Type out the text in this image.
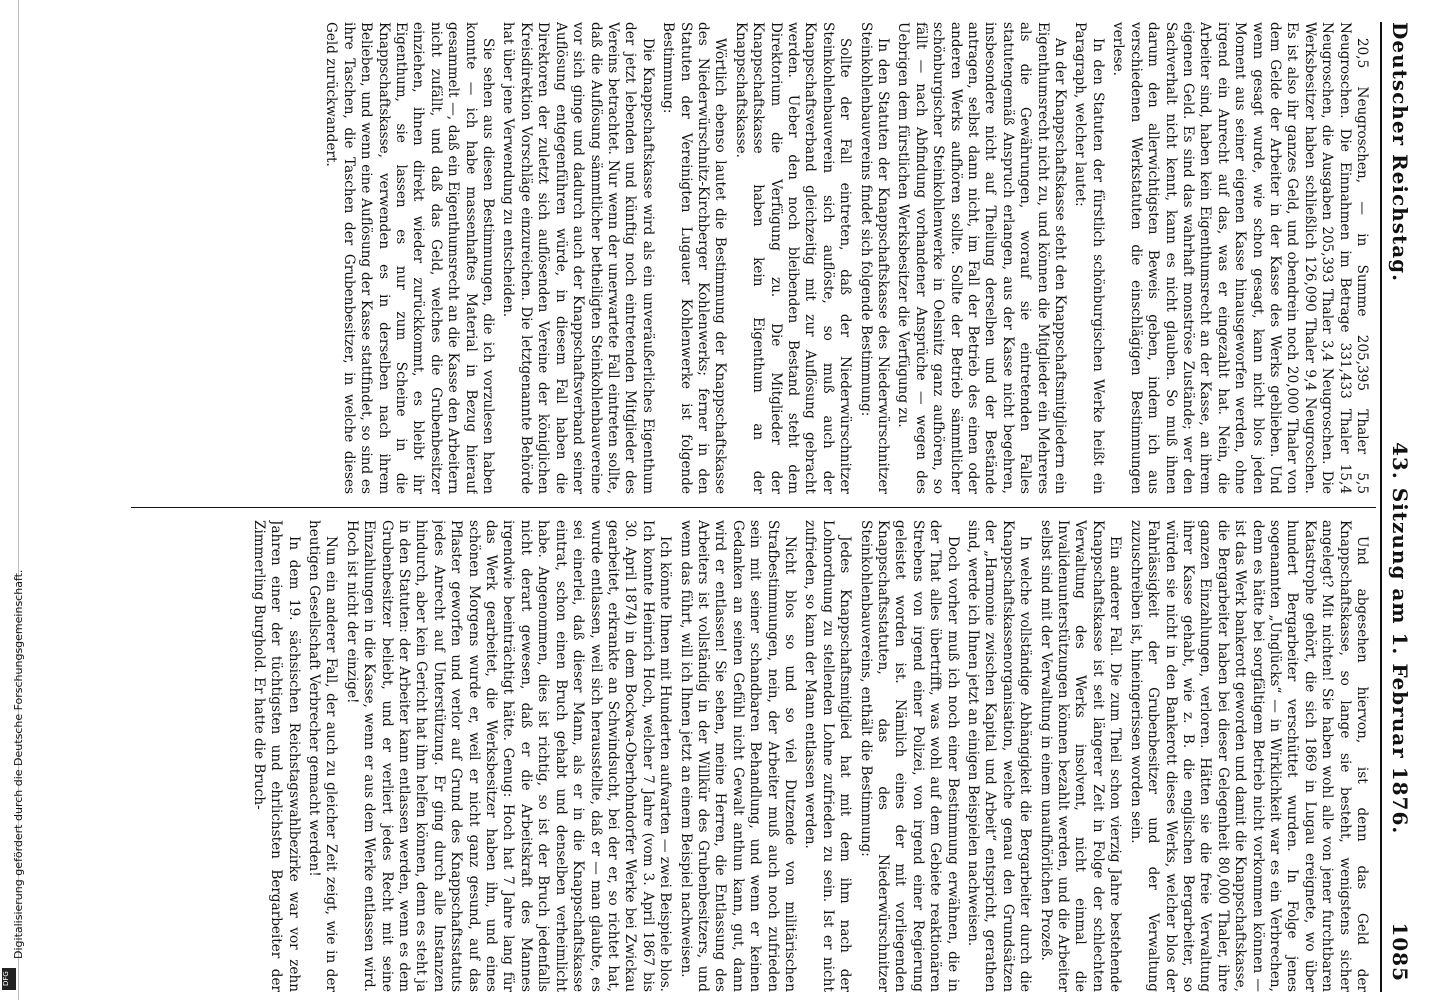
Deutscher Reichstag.
43. Sitzung am 1. Februar 1876.
1085

20,5 Neugroschen, — in Summe 205,395 Thaler 5,5 Neugroschen. Die Einnahmen im Betrage 331,433 Thaler 15,4 Neugroschen, die Ausgaben 205,393 Thaler 3,4 Neugroschen. Die Werksbesitzer haben schließlich 126,090 Thaler 9,4 Neugroschen. Es ist also ihr ganzes Geld, und obendrein noch 20,000 Thaler von dem Gelde der Arbeiter in der Kasse des Werks geblieben. Und wenn gesagt wurde, wie schon gesagt, kann nicht blos jeden Moment aus seiner eigenen Kasse hinausgeworfen werden, ohne irgend ein Anrecht auf das, was er eingezahlt hat. Nein, die Arbeiter sind, haben kein Eigenthumsrecht an der Kasse, an ihrem eigenen Geld. Es sind das wahrhaft monströse Zustände; wer den Sachverhalt nicht kennt, kann es nicht glauben. So muß ihnen darum den allerwichtigsten Beweis geben, indem ich aus verschiedenen Werkstatuten die einschlägigen Bestimmungen verlese.

In den Statuten der fürstlich schönburgischen Werke heißt ein Paragraph, welcher lautet:

An der Knappschaftskasse steht den Knappschaftsmitgliedern ein Eigenthumsrecht nicht zu, und können die Mitglieder ein Mehreres als die Gewährungen, worauf sie eintretenden Falles statutengemäß Anspruch erlangen, aus der Kasse nicht begehren, insbesondere nicht auf Theilung derselben und der Bestände antragen, selbst dann nicht, im Fall der Betrieb des einen oder anderen Werks aufhören sollte. Sollte der Betrieb sämmtlicher schönburgischer Steinkohlenwerke in Oelsnitz ganz aufhören, so fällt — nach Abfindung vorhandener Ansprüche — wegen des Uebrigen dem fürstlichen Werksbesitzer die Verfügung zu.

In den Statuten der Knappschaftskasse des Niederwürschnitzer Steinkohlenbauvereins findet sich folgende Bestimmung:

Sollte der Fall eintreten, daß der Niederwürschnitzer Steinkohlenbauverein sich auflöste, so muß auch der Knappschaftsverband gleichzeitig mit zur Auflösung gebracht werden. Ueber den noch bleibenden Bestand steht dem Direktorium die Verfügung zu. Die Mitglieder der Knappschaftskasse haben kein Eigenthum an der Knappschaftskasse.

Wörtlich ebenso lautet die Bestimmung der Knappschaftskasse des Niederwürschnitz-Kirchberger Kohlenwerks; ferner in den Statuten der Vereinigten Lugauer Kohlenwerke ist folgende Bestimmung:

Die Knappschaftskasse wird als ein unveräußerliches Eigenthum der jetzt lebenden und künftig noch eintretenden Mitglieder des Vereins betrachtet. Nur wenn der unerwartete Fall eintreten sollte, daß die Auflösung sämmtlicher betheiligten Steinkohlenbauvereine vor sich ginge und dadurch auch der Knappschaftsverband seiner Auflösung entgegenführen würde, in diesem Fall haben die Direktoren der zuletzt sich auflösenden Vereine der königlichen Kreisdirektion Vorschläge einzureichen. Die letztgenannte Behörde hat über jene Verwendung zu entscheiden.

Sie sehen aus diesen Bestimmungen, die ich vorzulesen haben konnte — ich habe massenhaftes Material in Bezug hierauf gesammelt —, daß ein Eigenthumsrecht an die Kasse den Arbeitern nicht zufällt, und daß das Geld, welches die Grubenbesitzer einziehen, ihnen direkt wieder zurückkommt, es bleibt ihr Eigenthum, sie lassen es nur zum Scheine in die Knappschaftskasse, verwenden es in derselben nach ihrem Belieben, und wenn eine Auflösung der Kasse stattfindet, so sind es ihre Taschen, die Taschen der Grubenbesitzer, in welche dieses Geld zurückwandert.

Und abgesehen hiervon, ist denn das Geld der Knappschaftskasse, so lange sie besteht, wenigstens sicher angelegt? Mit nichten! Sie haben wohl alle von jener furchtbaren Katastrophe gehört, die sich 1869 in Lugau ereignete, wo über hundert Bergarbeiter verschüttet wurden. In Folge jenes sogenannten „Unglücks“ — in Wirklichkeit war es ein Verbrechen, denn es hätte bei sorgfältigem Betrieb nicht vorkommen können — ist das Werk bankerott geworden und damit die Knappschaftskasse, die Bergarbeiter haben bei dieser Gelegenheit 80,000 Thaler, ihre ganzen Einzahlungen, verloren. Hätten sie die freie Verwaltung ihrer Kasse gehabt, wie z. B. die englischen Bergarbeiter, so würden sie nicht in den Bankerott dieses Werks, welcher blos der Fahrlässigkeit der Grubenbesitzer und der Verwaltung zuzuschreiben ist, hineingerissen worden sein.

Ein anderer Fall. Die zum Theil schon vierzig Jahre bestehende Knappschaftskasse ist seit längerer Zeit in Folge der schlechten Verwaltung des Werks insolvent, nicht einmal die Invalidenunterstützungen können bezahlt werden, und die Arbeiter selbst sind mit der Verwaltung in einem unaufhörlichen Prozeß.

In welche vollständige Abhängigkeit die Bergarbeiter durch die Knappschaftskassenorganisation, welche genau den Grundsätzen der „Harmonie zwischen Kapital und Arbeit“ entspricht, gerathen sind, werde ich Ihnen jetzt an einigen Beispielen nachweisen.

Doch vorher muß ich noch einer Bestimmung erwähnen, die in der That alles übertrifft, was wohl auf dem Gebiete reaktionären Strebens von irgend einer Polizei, von irgend einer Regierung geleistet worden ist. Nämlich eines der mit vorliegenden Knappschaftsstatuten, das des Niederwürschnitzer Steinkohlenbauvereins, enthält die Bestimmung:

Jedes Knappschaftsmitglied hat mit dem ihm nach der Lohnordnung zu stellenden Lohne zufrieden zu sein. Ist er nicht zufrieden, so kann der Mann entlassen werden.

Nicht blos so und so viel Dutzende von militärischen Strafbestimmungen, nein, der Arbeiter muß auch noch zufrieden sein mit seiner schandbaren Behandlung, und wenn er keinen Gedanken an seinen Gefühl nicht Gewalt anthun kann, gut, dann wird er entlassen! Sie sehen, meine Herren, die Entlassung des Arbeiters ist vollständig in der Willkür des Grubenbesitzers, und wenn das führt, will ich Ihnen jetzt an einem Beispiel nachweisen.

Ich könnte Ihnen mit Hunderten aufwarten — zwei Beispiele blos. Ich konnte Heinrich Hoch, welcher 7 Jahre (vom 3. April 1867 bis 30. April 1874) in dem Bockwa-Oberhohndorfer Werke bei Zwickau gearbeitet, erkrankte an Schwindsucht, bei der er, so richtet hat, wurde entlassen, weil sich herausstellte, daß er — man glaubte, es sei einerlei, daß dieser Mann, als er in die Knappschaftskasse eintrat, schon einen Bruch gehabt und denselben verheimlicht habe. Angenommen, dies ist richtig, so ist der Bruch jedenfalls nicht derart gewesen, daß er die Arbeitskraft des Mannes irgendwie beeinträchtigt hätte. Genug: Hoch hat 7 Jahre lang für das Werk gearbeitet, die Werksbesitzer haben ihn, und eines schönen Morgens wurde er, weil er nicht ganz gesund, auf das Pflaster geworfen und verlor auf Grund des Knappschaftsstatuts jedes Anrecht auf Unterstützung. Er ging durch alle Instanzen hindurch, aber kein Gericht hat ihm helfen können, denn es steht ja in den Statuten: der Arbeiter kann entlassen werden, wenn es dem Grubenbesitzer beliebt, und er verliert jedes Recht mit seine Einzahlungen in die Kasse, wenn er aus dem Werke entlassen wird. Hoch ist nicht der einzige!

Nun ein anderer Fall, der auch zu gleicher Zeit zeigt, wie in der heutigen Gesellschaft Verbrecher gemacht werden!

In dem 19. sächsischen Reichstagswahlbezirke war vor zehn Jahren einer der tüchtigsten und ehrlichsten Bergarbeiter der Zimmerling Burghold. Er hatte die Bruch-

Digitalisierung gefördert durch die Deutsche Forschungsgemeinschaft.
DFG
